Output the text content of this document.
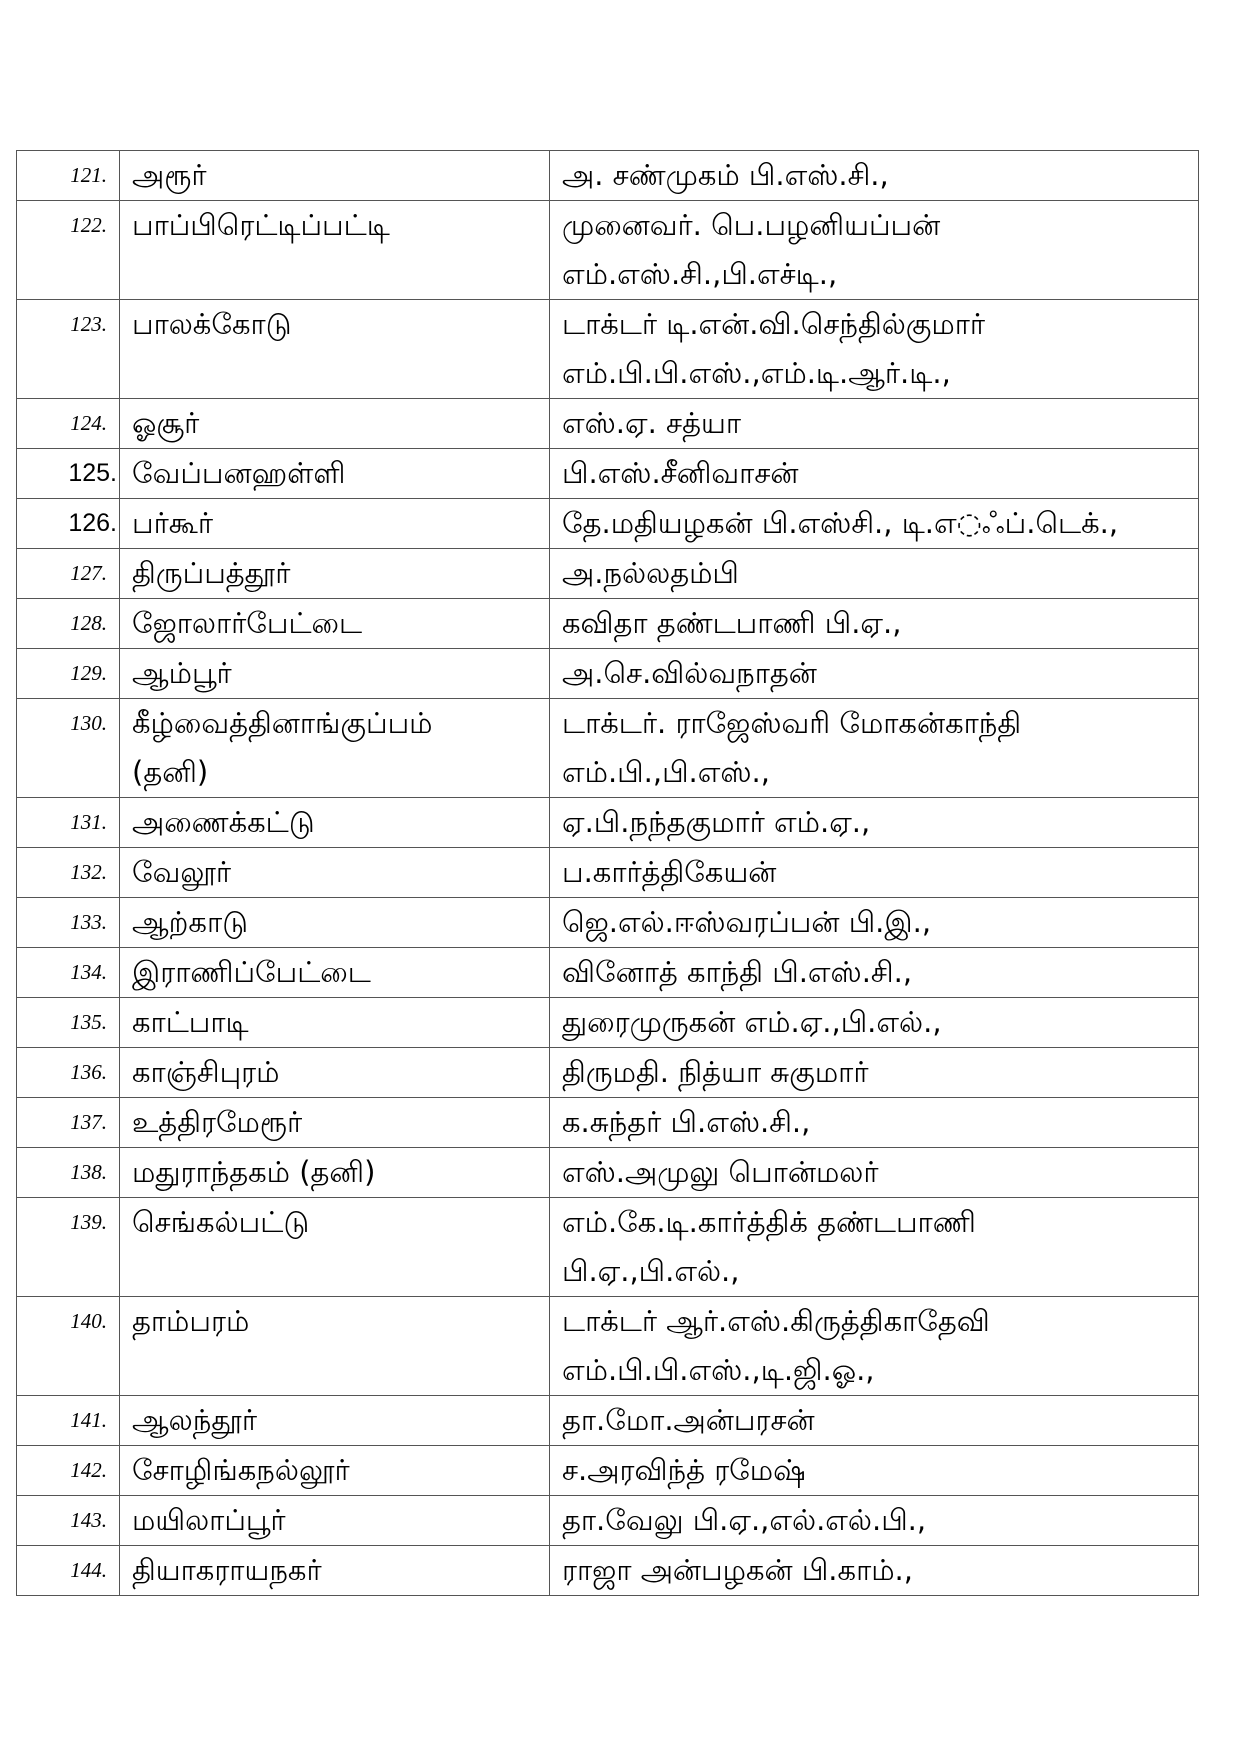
121.	அரூர்	அ. சண்முகம் பி.எஸ்.சி.,

122.	பாப்பிரெட்டிப்பட்டி	முனைவர். பெ.பழனியப்பன்
எம்.எஸ்.சி.,பி.எச்டி.,

123.	பாலக்கோடு	டாக்டர் டி.என்.வி.செந்தில்குமார்
எம்.பி.பி.எஸ்.,எம்.டி.ஆர்.டி.,

124.	ஓசூர்	எஸ்.ஏ. சத்யா

125.	வேப்பனஹள்ளி	பி.எஸ்.சீனிவாசன்

126.	பர்கூர்	தே.மதியழகன் பி.எஸ்சி., டி.எ◌ஃப்.டெக்.,

127.	திருப்பத்தூர்	அ.நல்லதம்பி

128.	ஜோலார்பேட்டை	கவிதா தண்டபாணி பி.ஏ.,

129.	ஆம்பூர்	அ.செ.வில்வநாதன்

130.	கீழ்வைத்தினாங்குப்பம்
(தனி)	டாக்டர். ராஜேஸ்வரி மோகன்காந்தி
எம்.பி.,பி.எஸ்.,

131.	அணைக்கட்டு	ஏ.பி.நந்தகுமார் எம்.ஏ.,

132.	வேலூர்	ப.கார்த்திகேயன்

133.	ஆற்காடு	ஜெ.எல்.ஈஸ்வரப்பன் பி.இ.,

134.	இராணிப்பேட்டை	வினோத் காந்தி பி.எஸ்.சி.,

135.	காட்பாடி	துரைமுருகன் எம்.ஏ.,பி.எல்.,

136.	காஞ்சிபுரம்	திருமதி. நித்யா சுகுமார்

137.	உத்திரமேரூர்	க.சுந்தர் பி.எஸ்.சி.,

138.	மதுராந்தகம் (தனி)	எஸ்.அமுலு பொன்மலர்

139.	செங்கல்பட்டு	எம்.கே.டி.கார்த்திக் தண்டபாணி
பி.ஏ.,பி.எல்.,

140.	தாம்பரம்	டாக்டர் ஆர்.எஸ்.கிருத்திகாதேவி
எம்.பி.பி.எஸ்.,டி.ஜி.ஓ.,

141.	ஆலந்தூர்	தா.மோ.அன்பரசன்

142.	சோழிங்கநல்லூர்	ச.அரவிந்த் ரமேஷ்

143.	மயிலாப்பூர்	தா.வேலு பி.ஏ.,எல்.எல்.பி.,

144.	தியாகராயநகர்	ராஜா அன்பழகன் பி.காம்.,
